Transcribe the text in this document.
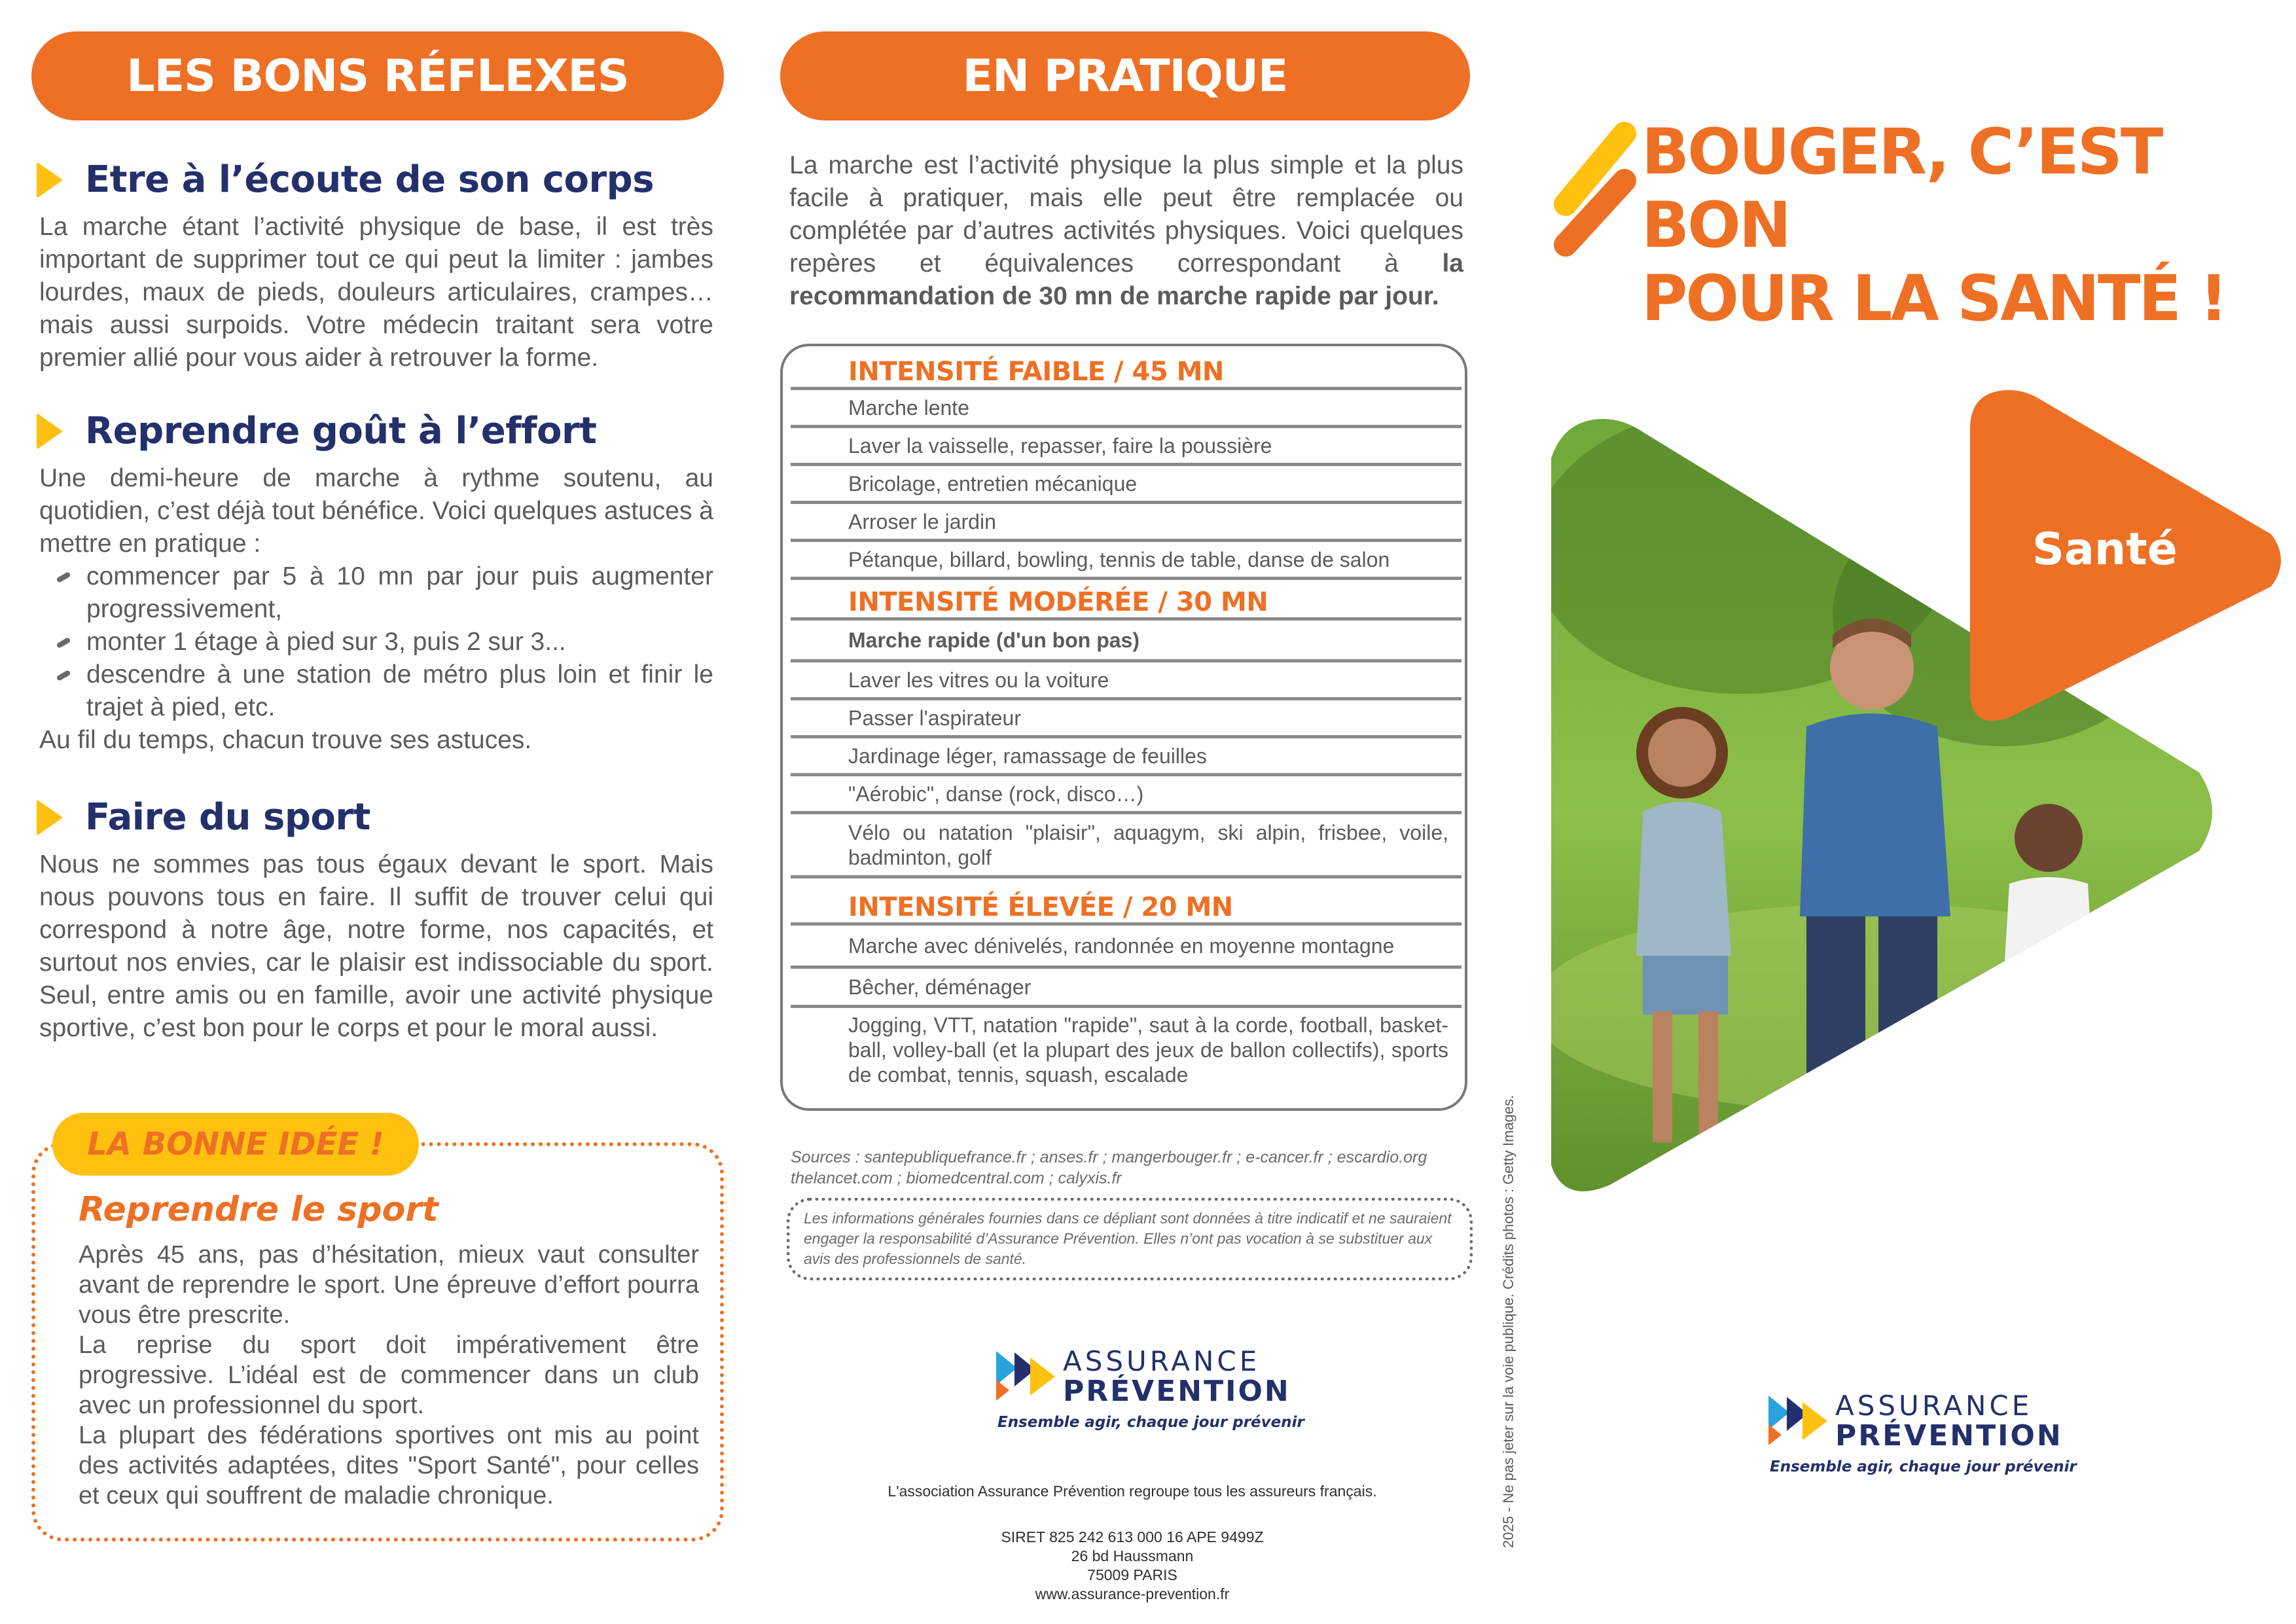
LES BONS RÉFLEXES
Etre à l’écoute de son corps
La marche étant l’activité physique de base, il est très important de supprimer tout ce qui peut la limiter : jambes lourdes, maux de pieds, douleurs articulaires, crampes… mais aussi surpoids. Votre médecin traitant sera votre premier allié pour vous aider à retrouver la forme.
Reprendre goût à l’effort

Une demi-heure de marche à rythme soutenu, au quotidien, c’est déjà tout bénéfice. Voici quelques astuces à mettre en pratique :

commencer par 5 à 10 mn par jour puis augmenter progressivement,
monter 1 étage à pied sur 3, puis 2 sur 3...
descendre à une station de métro plus loin et finir le trajet à pied, etc.

Au fil du temps, chacun trouve ses astuces.

Faire du sport
Nous ne sommes pas tous égaux devant le sport. Mais nous pouvons tous en faire. Il suffit de trouver celui qui correspond à notre âge, notre forme, nos capacités, et surtout nos envies, car le plaisir est indissociable du sport. Seul, entre amis ou en famille, avoir une activité physique sportive, c’est bon pour le corps et pour le moral aussi.
LA BONNE IDÉE !
Reprendre le sport

Après 45 ans, pas d’hésitation, mieux vaut consulter avant de reprendre le sport. Une épreuve d’effort pourra vous être prescrite.

La reprise du sport doit impérativement être progressive. L’idéal est de commencer dans un club avec un professionnel du sport.

La plupart des fédérations sportives ont mis au point des activités adaptées, dites "Sport Santé", pour celles et ceux qui souffrent de maladie chronique.

EN PRATIQUE
La marche est l’activité physique la plus simple et la plus facile à pratiquer, mais elle peut être remplacée ou complétée par d’autres activités physiques. Voici quelques repères et équivalences correspondant à la recommandation de 30 mn de marche rapide par jour.
INTENSITÉ FAIBLE / 45 MN
Marche lente
Laver la vaisselle, repasser, faire la poussière
Bricolage, entretien mécanique
Arroser le jardin
Pétanque, billard, bowling, tennis de table, danse de salon
INTENSITÉ MODÉRÉE / 30 MN
Marche rapide (d'un bon pas)
Laver les vitres ou la voiture
Passer l'aspirateur
Jardinage léger, ramassage de feuilles
"Aérobic", danse (rock, disco…)
Vélo ou natation "plaisir", aquagym, ski alpin, frisbee, voile, badminton, golf
INTENSITÉ ÉLEVÉE / 20 MN
Marche avec dénivelés, randonnée en moyenne montagne
Bêcher, déménager
Jogging, VTT, natation "rapide", saut à la corde, football, basket-ball, volley-ball (et la plupart des jeux de ballon collectifs), sports de combat, tennis, squash, escalade
Sources : santepubliquefrance.fr ; anses.fr ; mangerbouger.fr ; e-cancer.fr ; escardio.org thelancet.com ; biomedcentral.com ; calyxis.fr
Les informations générales fournies dans ce dépliant sont données à titre indicatif et ne sauraient engager la responsabilité d’Assurance Prévention. Elles n’ont pas vocation à se substituer aux avis des professionnels de santé.
ASSURANCE
PRÉVENTION
Ensemble agir, chaque jour prévenir
L'association Assurance Prévention regroupe tous les assureurs français.
SIRET 825 242 613 000 16 APE 9499Z
26 bd Haussmann
75009 PARIS
www.assurance-prevention.fr
2025 - Ne pas jeter sur la voie publique. Crédits photos : Getty Images.
BOUGER, C’EST BON
POUR LA SANTÉ !
Santé
ASSURANCE
PRÉVENTION
Ensemble agir, chaque jour prévenir
